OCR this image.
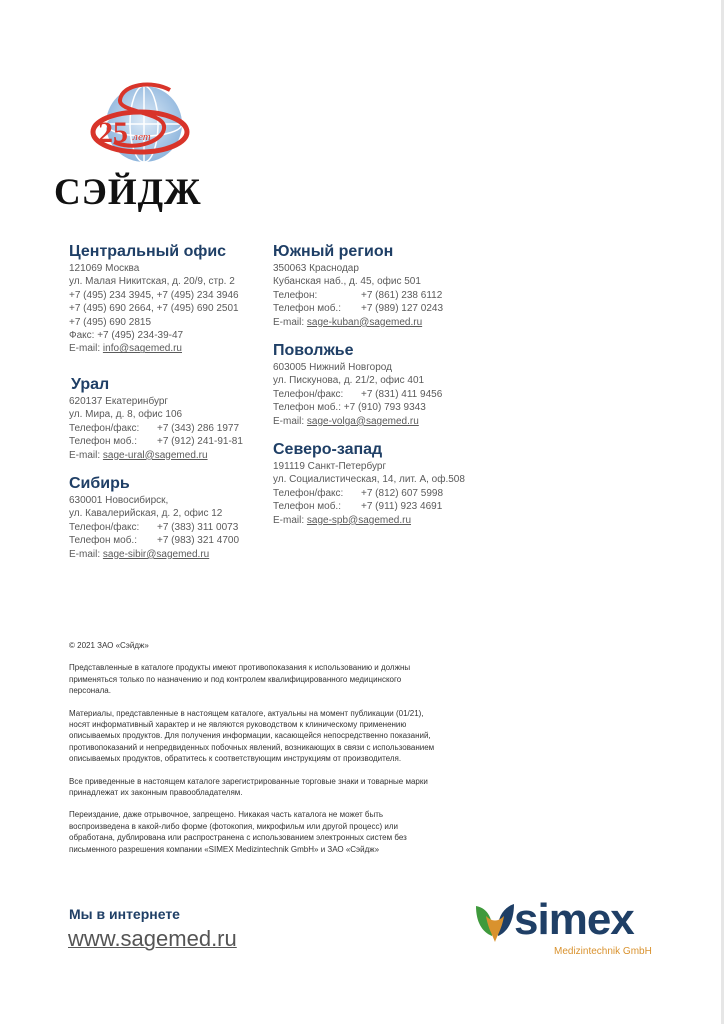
25 лет
СЭЙДЖ
Центральный офис
121069 Москва
ул. Малая Никитская, д. 20/9, стр. 2
+7 (495) 234 3945, +7 (495) 234 3946
+7 (495) 690 2664, +7 (495) 690 2501
+7 (495) 690 2815
Факс: +7 (495) 234-39-47
E-mail: info@sagemed.ru
Урал
620137 Екатеринбург
ул. Мира, д. 8, офис 106
Телефон/факс: +7 (343) 286 1977
Телефон моб.: +7 (912) 241-91-81
E-mail: sage-ural@sagemed.ru
Сибирь
630001 Новосибирск,
ул. Кавалерийская, д. 2, офис 12
Телефон/факс: +7 (383) 311 0073
Телефон моб.: +7 (983) 321 4700
E-mail: sage-sibir@sagemed.ru
Южный регион
350063 Краснодар
Кубанская наб., д. 45, офис 501
Телефон:	+7 (861) 238 6112
Телефон моб.: +7 (989) 127 0243
E-mail: sage-kuban@sagemed.ru
Поволжье
603005 Нижний Новгород
ул. Пискунова, д. 21/2, офис 401
Телефон/факс: +7 (831) 411 9456
Телефон моб.: +7 (910) 793 9343
E-mail: sage-volga@sagemed.ru
Северо-запад
191119 Санкт-Петербург
ул. Социалистическая, 14, лит. А, оф.508
Телефон/факс: +7 (812) 607 5998
Телефон моб.: +7 (911) 923 4691
E-mail: sage-spb@sagemed.ru

© 2021 ЗАО «Сэйдж»

Представленные в каталоге продукты имеют противопоказания к использованию и должны применяться только по назначению и под контролем квалифицированного медицинского персонала.

Материалы, представленные в настоящем каталоге, актуальны на момент публикации (01/21), носят информативный характер и не являются руководством к клиническому применению описываемых продуктов. Для получения информации, касающейся непосредственно показаний, противопоказаний и непредвиденных побочных явлений, возникающих в связи с использованием описываемых продуктов, обратитесь к соответствующим инструкциям от производителя.

Все приведенные в настоящем каталоге зарегистрированные торговые знаки и товарные марки принадлежат их законным правообладателям.

Переиздание, даже отрывочное, запрещено. Никакая часть каталога не может быть воспроизведена в какой-либо форме (фотокопия, микрофильм или другой процесс) или обработана, дублирована или распространена с использованием электронных систем без письменного разрешения компании «SIMEX Medizintechnik GmbH» и ЗАО «Сэйдж»

Мы в интернете
www.sagemed.ru	simex
Medizintechnik GmbH
